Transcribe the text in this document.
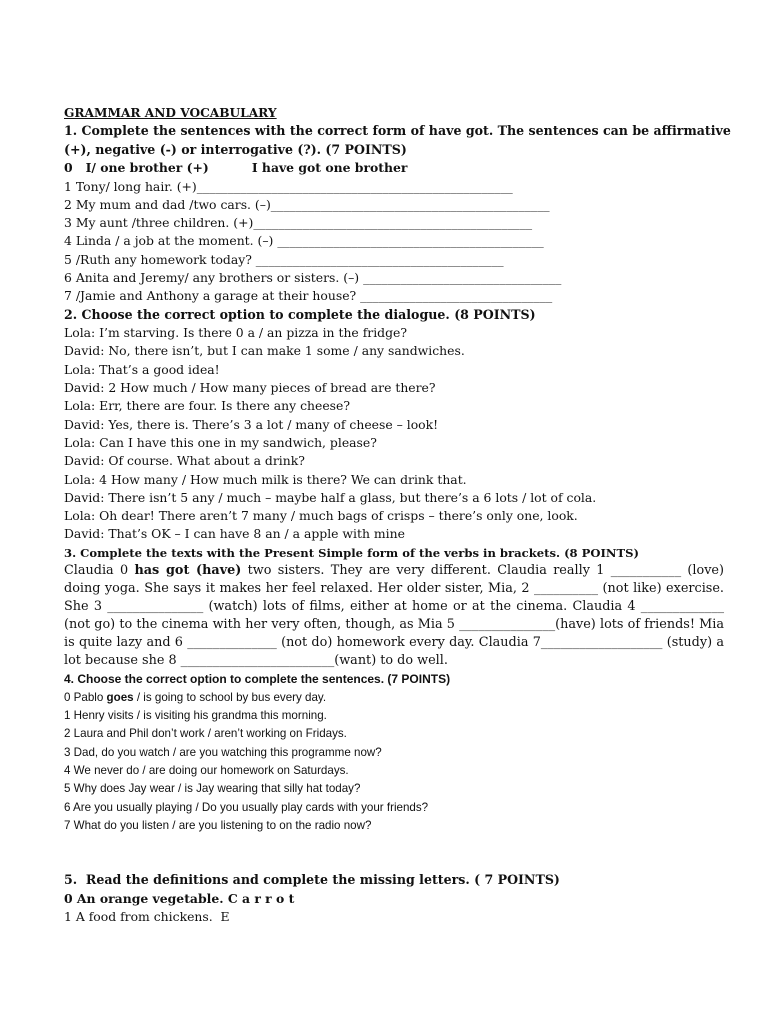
GRAMMAR AND VOCABULARY
1. Complete the sentences with the correct form of have got. The sentences can be affirmative
(+), negative (-) or interrogative (?). (7 POINTS)
0   I/ one brother (+)          I have got one brother
1 Tony/ long hair. (+)___________________________________________________
2 My mum and dad /two cars. (–)_____________________________________________
3 My aunt /three children. (+)_____________________________________________
4 Linda / a job at the moment. (–) ___________________________________________
5 /Ruth any homework today? ________________________________________
6 Anita and Jeremy/ any brothers or sisters. (–) ________________________________
7 /Jamie and Anthony a garage at their house? _______________________________
2. Choose the correct option to complete the dialogue. (8 POINTS)
Lola: I’m starving. Is there 0 a / an pizza in the fridge?
David: No, there isn’t, but I can make 1 some / any sandwiches.
Lola: That’s a good idea!
David: 2 How much / How many pieces of bread are there?
Lola: Err, there are four. Is there any cheese?
David: Yes, there is. There’s 3 a lot / many of cheese – look!
Lola: Can I have this one in my sandwich, please?
David: Of course. What about a drink?
Lola: 4 How many / How much milk is there? We can drink that.
David: There isn’t 5 any / much – maybe half a glass, but there’s a 6 lots / lot of cola.
Lola: Oh dear! There aren’t 7 many / much bags of crisps – there’s only one, look.
David: That’s OK – I can have 8 an / a apple with mine
3. Complete the texts with the Present Simple form of the verbs in brackets. (8 POINTS)
Claudia 0 has got (have) two sisters. They are very different. Claudia really 1 ___________ (love) doing yoga. She says it makes her feel relaxed. Her older sister, Mia, 2 __________ (not like) exercise. She 3 _______________ (watch) lots of films, either at home or at the cinema. Claudia 4 _____________ (not go) to the cinema with her very often, though, as Mia 5 _______________(have) lots of friends! Mia is quite lazy and 6 ______________ (not do) homework every day. Claudia 7___________________ (study) a lot because she 8 ________________________(want) to do well.
4. Choose the correct option to complete the sentences. (7 POINTS)
0 Pablo goes / is going to school by bus every day.
1 Henry visits / is visiting his grandma this morning.
2 Laura and Phil don’t work / aren’t working on Fridays.
3 Dad, do you watch / are you watching this programme now?
4 We never do / are doing our homework on Saturdays.
5 Why does Jay wear / is Jay wearing that silly hat today?
6 Are you usually playing / Do you usually play cards with your friends?
7 What do you listen / are you listening to on the radio now?
5.  Read the definitions and complete the missing letters. ( 7 POINTS)
0 An orange vegetable. C a r r o t
1 A food from chickens.  E
